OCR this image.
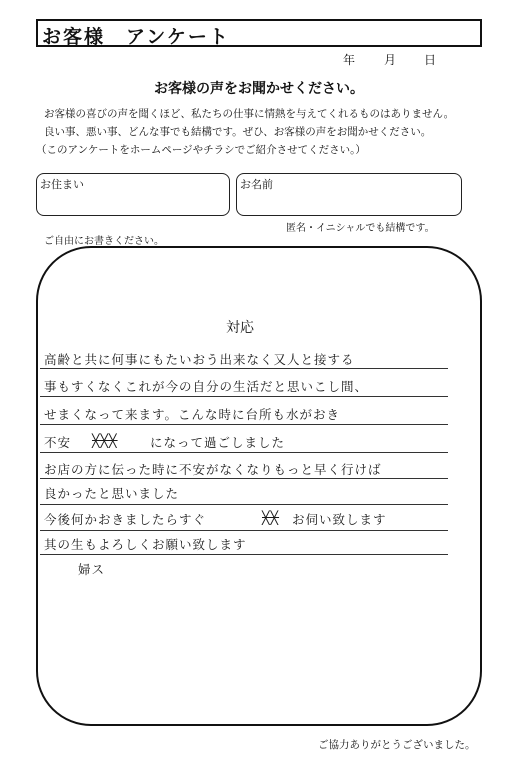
お客様　アンケート
年 月 日
お客様の声をお聞かせください。
お客様の喜びの声を聞くほど、私たちの仕事に情熱を与えてくれるものはありません。
良い事、悪い事、どんな事でも結構です。ぜひ、お客様の声をお聞かせください。
（このアンケートをホームページやチラシでご紹介させてください。）
お住まい	お名前
匿名・イニシャルでも結構です。
ご自由にお書きください。
対応
高齢と共に何事にもたいおう出来なく又人と接する
事もすくなくこれが今の自分の生活だと思いこし間、
せまくなって来ます。こんな時に台所も水がおき
不安 ╳╳╳	になって過ごしました
お店の方に伝った時に不安がなくなりもっと早く行けば
良かったと思いました
今後何かおきましたらすぐ	╳╳ お伺い致します
其の生もよろしくお願い致します
婦ス
ご協力ありがとうございました。
